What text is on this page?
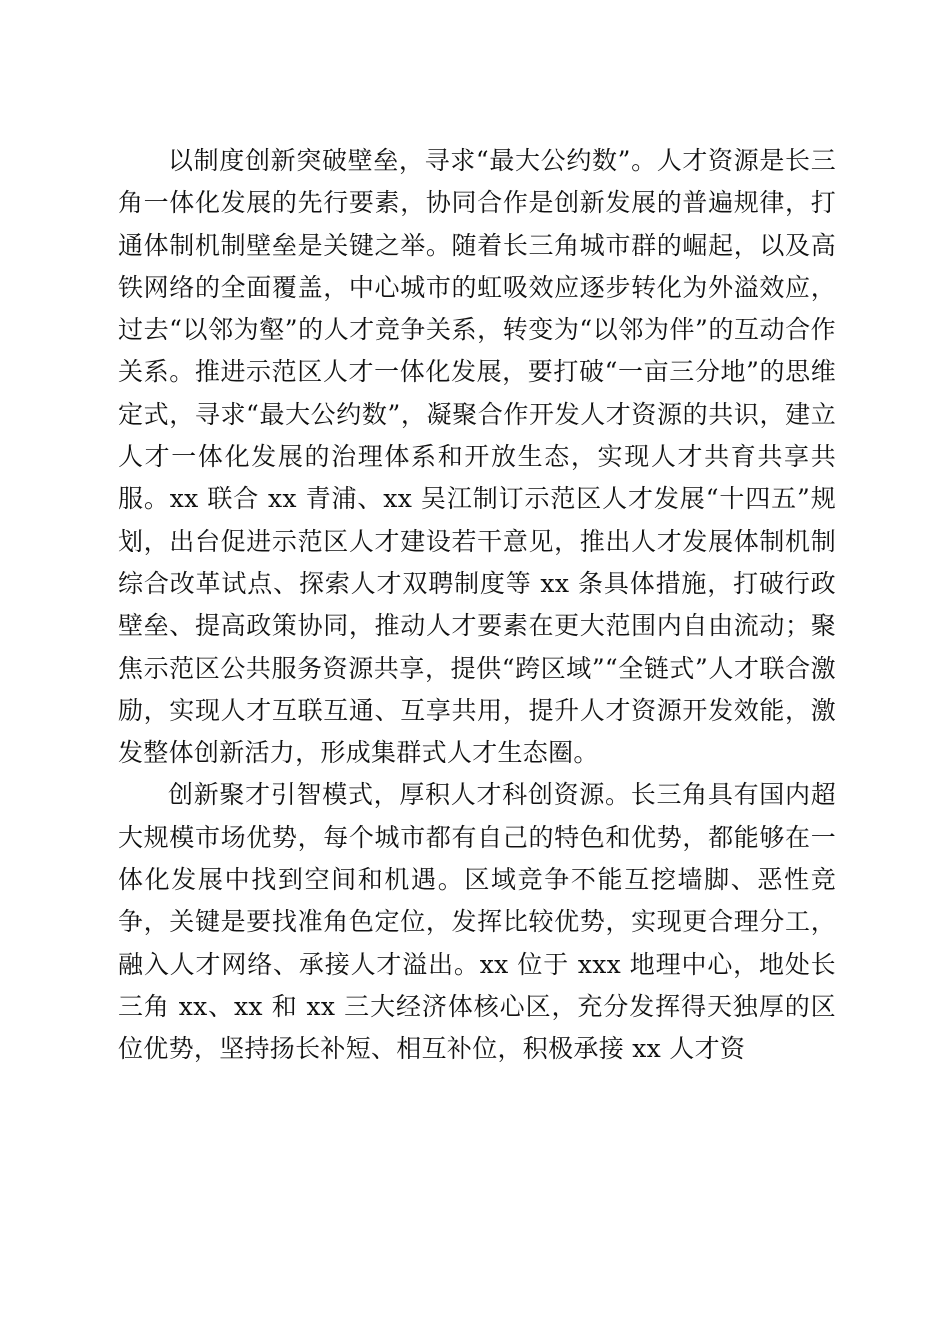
以制度创新突破壁垒，寻求“最大公约数”。人才资源是长三角一体化发展的先行要素，协同合作是创新发展的普遍规律，打通体制机制壁垒是关键之举。随着长三角城市群的崛起，以及高铁网络的全面覆盖，中心城市的虹吸效应逐步转化为外溢效应，过去“以邻为壑”的人才竞争关系，转变为“以邻为伴”的互动合作关系。推进示范区人才一体化发展，要打破“一亩三分地”的思维定式，寻求“最大公约数”，凝聚合作开发人才资源的共识，建立人才一体化发展的治理体系和开放生态，实现人才共育共享共服。xx 联合 xx 青浦、xx 吴江制订示范区人才发展“十四五”规划，出台促进示范区人才建设若干意见，推出人才发展体制机制综合改革试点、探索人才双聘制度等 xx 条具体措施，打破行政壁垒、提高政策协同，推动人才要素在更大范围内自由流动；聚焦示范区公共服务资源共享，提供“跨区域”“全链式”人才联合激励，实现人才互联互通、互享共用，提升人才资源开发效能，激发整体创新活力，形成集群式人才生态圈。

创新聚才引智模式，厚积人才科创资源。长三角具有国内超大规模市场优势，每个城市都有自己的特色和优势，都能够在一体化发展中找到空间和机遇。区域竞争不能互挖墙脚、恶性竞争，关键是要找准角色定位，发挥比较优势，实现更合理分工，融入人才网络、承接人才溢出。xx 位于 xxx 地理中心，地处长三角 xx、xx 和 xx 三大经济体核心区，充分发挥得天独厚的区位优势，坚持扬长补短、相互补位，积极承接 xx 人才资
